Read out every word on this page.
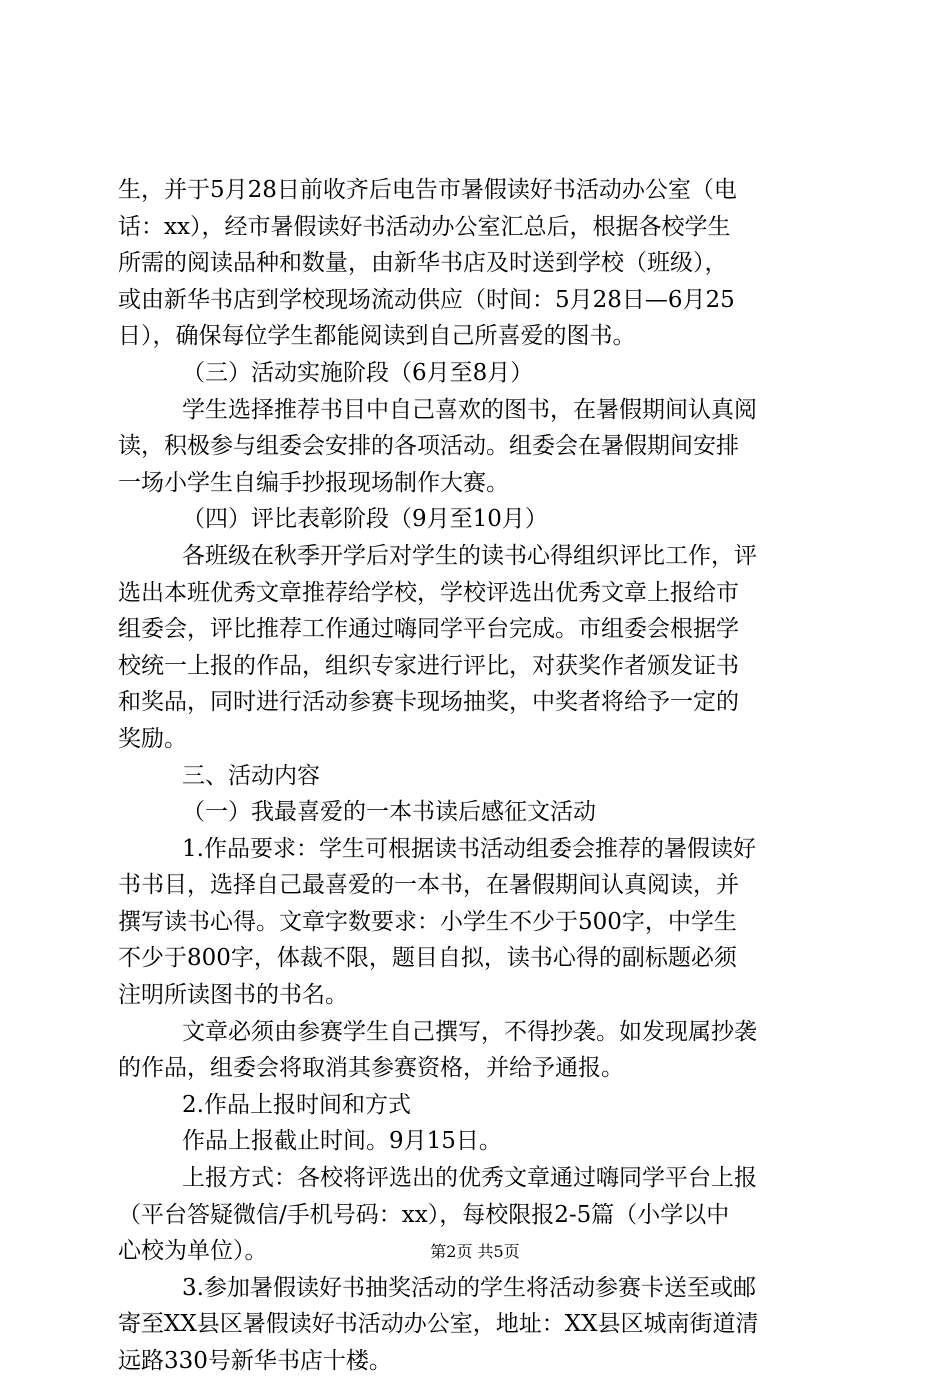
生，并于5月28日前收齐后电告市暑假读好书活动办公室（电
话：xx），经市暑假读好书活动办公室汇总后，根据各校学生
所需的阅读品种和数量，由新华书店及时送到学校（班级），
或由新华书店到学校现场流动供应（时间：5月28日—6月25
日），确保每位学生都能阅读到自己所喜爱的图书。
（三）活动实施阶段（6月至8月）
学生选择推荐书目中自己喜欢的图书，在暑假期间认真阅
读，积极参与组委会安排的各项活动。组委会在暑假期间安排
一场小学生自编手抄报现场制作大赛。
（四）评比表彰阶段（9月至10月）
各班级在秋季开学后对学生的读书心得组织评比工作，评
选出本班优秀文章推荐给学校，学校评选出优秀文章上报给市
组委会，评比推荐工作通过嗨同学平台完成。市组委会根据学
校统一上报的作品，组织专家进行评比，对获奖作者颁发证书
和奖品，同时进行活动参赛卡现场抽奖，中奖者将给予一定的
奖励。
三、活动内容
（一）我最喜爱的一本书读后感征文活动
1.作品要求：学生可根据读书活动组委会推荐的暑假读好
书书目，选择自己最喜爱的一本书，在暑假期间认真阅读，并
撰写读书心得。文章字数要求：小学生不少于500字，中学生
不少于800字，体裁不限，题目自拟，读书心得的副标题必须
注明所读图书的书名。
文章必须由参赛学生自己撰写，不得抄袭。如发现属抄袭
的作品，组委会将取消其参赛资格，并给予通报。
2.作品上报时间和方式
作品上报截止时间。9月15日。
上报方式：各校将评选出的优秀文章通过嗨同学平台上报
（平台答疑微信/手机号码：xx），每校限报2-5篇（小学以中
心校为单位）。
3.参加暑假读好书抽奖活动的学生将活动参赛卡送至或邮
寄至XX县区暑假读好书活动办公室，地址：XX县区城南街道清
远路330号新华书店十楼。
第2页 共5页
